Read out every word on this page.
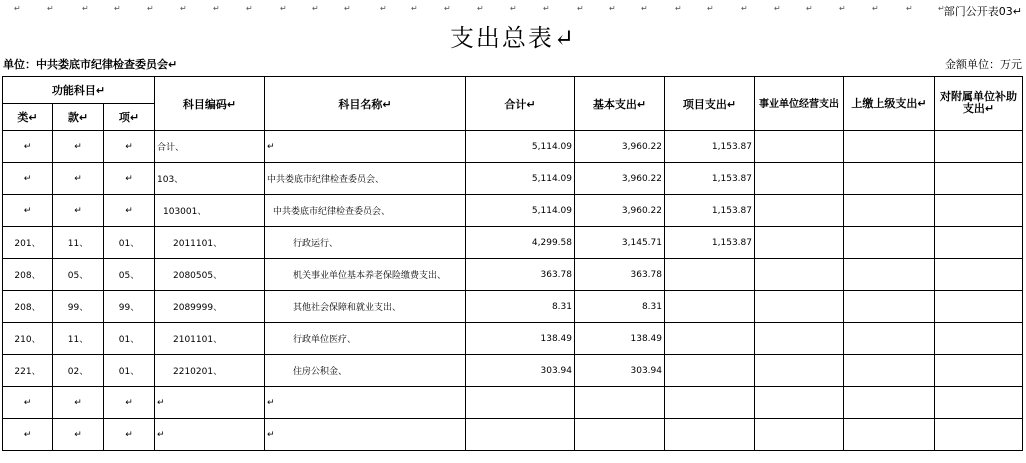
↵	↵	↵	↵	↵	↵	↵	↵	↵	↵	↵	↵	↵	↵	↵	↵	↵	↵	↵	↵	↵	↵	↵	↵	↵	↵	↵	↵	↵ 部门公开表03↵
支出总表↵
单位：中共娄底市纪律检查委员会↵	金额单位：万元
功能科目↵			科目编码↵	科目名称↵	合计↵	基本支出↵	项目支出↵	事业单位经营支出	上缴上级支出↵	对附属单位补助支出↵
类↵	款↵	项↵								
↵	↵	↵	合计、	↵	5,114.09	3,960.22	1,153.87			
↵	↵	↵	103、	中共娄底市纪律检查委员会、	5,114.09	3,960.22	1,153.87			
↵	↵	↵	103001、	中共娄底市纪律检查委员会、	5,114.09	3,960.22	1,153.87			
201、	11、	01、	2011101、	行政运行、	4,299.58	3,145.71	1,153.87			
208、	05、	05、	2080505、	机关事业单位基本养老保险缴费支出、	363.78	363.78				
208、	99、	99、	2089999、	其他社会保障和就业支出、	8.31	8.31				
210、	11、	01、	2101101、	行政单位医疗、	138.49	138.49				
221、	02、	01、	2210201、	住房公积金、	303.94	303.94				
↵	↵	↵	↵	↵						
↵	↵	↵	↵	↵						
